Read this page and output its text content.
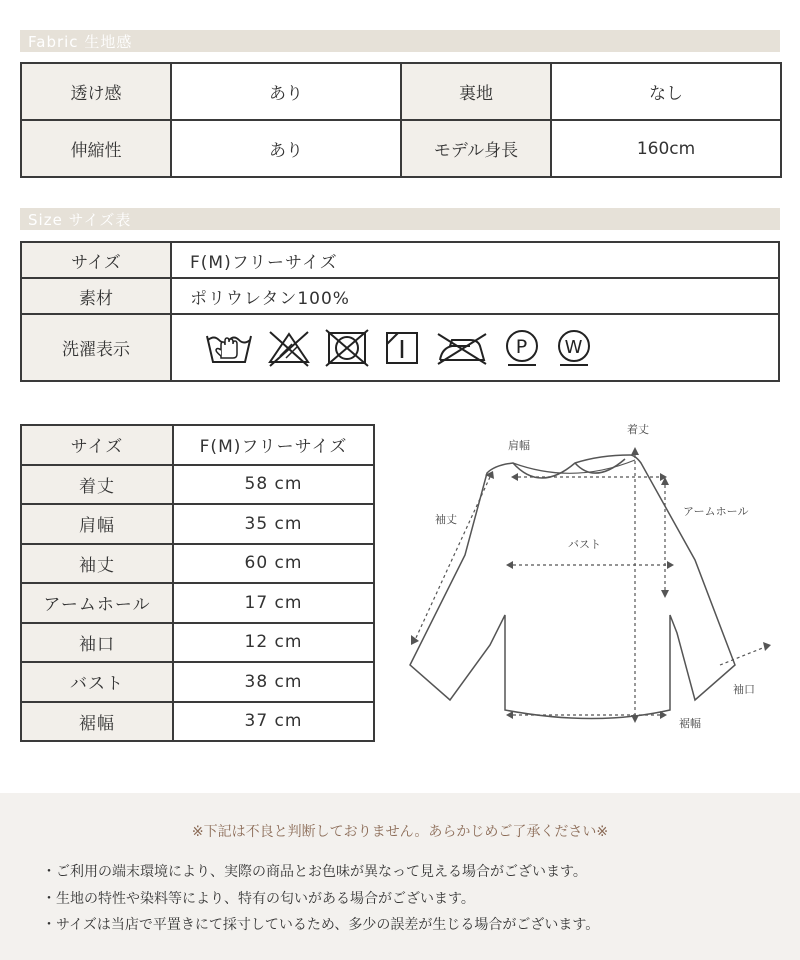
Fabric 生地感
透け感	あり	裏地	なし
伸縮性	あり	モデル身長	160cm
Size サイズ表
サイズ	F(M)フリーサイズ
素材	ポリウレタン100%
洗濯表示	P W
サイズ	F(M)フリーサイズ
着丈	58 cm
肩幅	35 cm
袖丈	60 cm
アームホール	17 cm
袖口	12 cm
バスト	38 cm
裾幅	37 cm
着丈
肩幅
袖丈
アームホール
バスト
袖口
裾幅
※下記は不良と判断しておりません。あらかじめご了承ください※
・ご利用の端末環境により、実際の商品とお色味が異なって見える場合がございます。
・生地の特性や染料等により、特有の匂いがある場合がございます。
・サイズは当店で平置きにて採寸しているため、多少の誤差が生じる場合がございます。
